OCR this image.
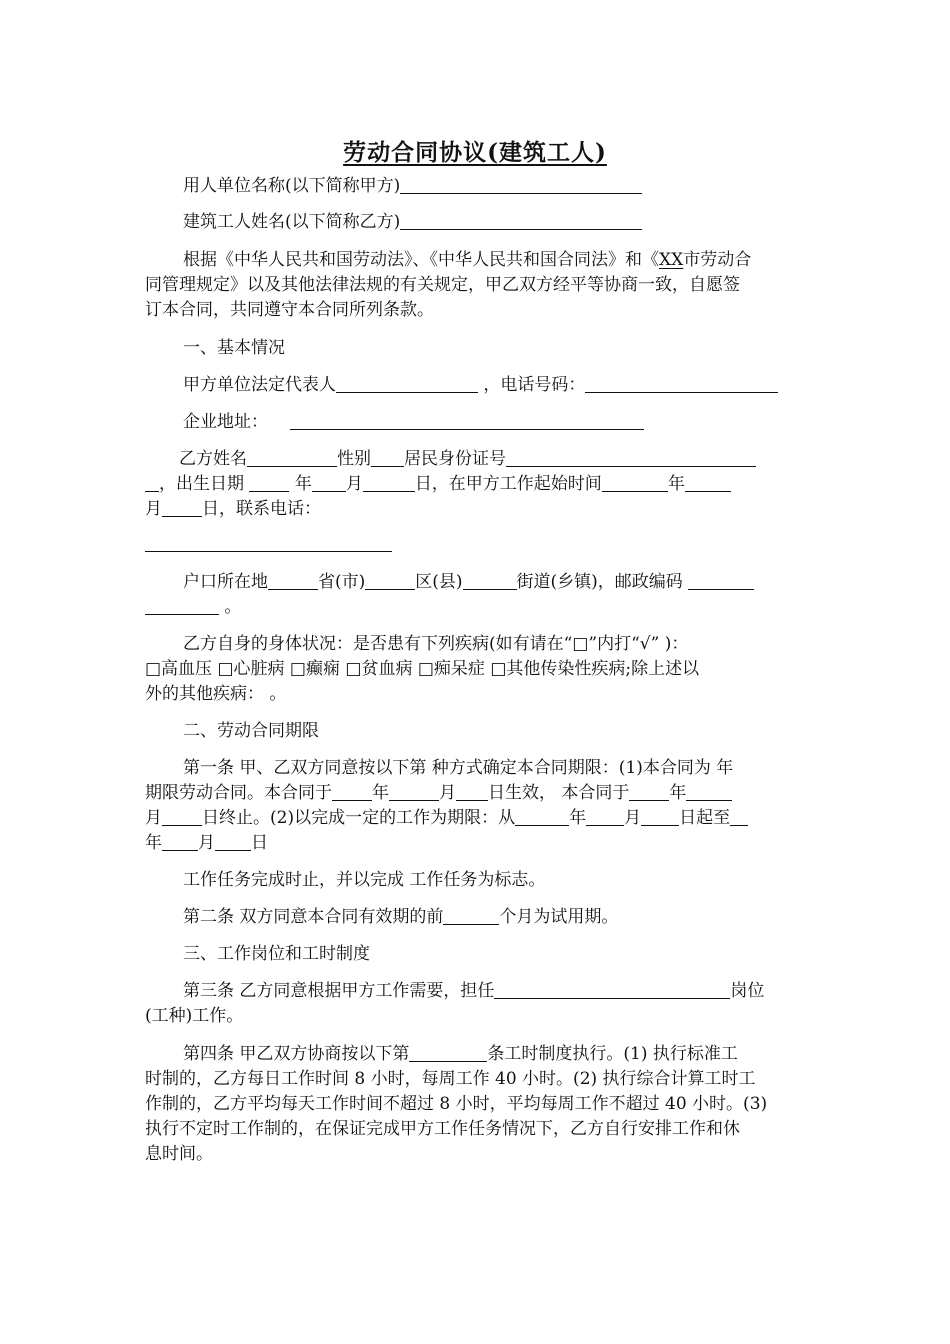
劳动合同协议(建筑工人)
用人单位名称(以下简称甲方)
建筑工人姓名(以下简称乙方)
根据《中华人民共和国劳动法》、《中华人民共和国合同法》和《XX市劳动合
同管理规定》以及其他法律法规的有关规定，甲乙双方经平等协商一致，自愿签
订本合同，共同遵守本合同所列条款。
一、基本情况
甲方单位法定代表人	，电话号码：
企业地址：
乙方姓名	性别 居民身份证号
，出生日期	年 月	日，在甲方工作起始时间	年
月 日，联系电话：
户口所在地	省(市)	区(县)	街道(乡镇)，邮政编码
。
乙方自身的身体状况：是否患有下列疾病(如有请在“□”内打“√” )：
□高血压 □心脏病 □癫痫 □贫血病 □痴呆症 □其他传染性疾病;除上述以
外的其他疾病： 。
二、劳动合同期限
第一条 甲、乙双方同意按以下第 种方式确定本合同期限：(1)本合同为 年
期限劳动合同。本合同于 年	月 日生效， 本合同于 年
月 日终止。(2)以完成一定的工作为期限：从	年 月 日起至
年 月 日
工作任务完成时止，并以完成 工作任务为标志。
第二条 双方同意本合同有效期的前	个月为试用期。
三、工作岗位和工时制度
第三条 乙方同意根据甲方工作需要，担任	岗位
(工种)工作。
第四条 甲乙双方协商按以下第	条工时制度执行。(1) 执行标准工
时制的，乙方每日工作时间 8 小时，每周工作 40 小时。(2) 执行综合计算工时工
作制的，乙方平均每天工作时间不超过 8 小时，平均每周工作不超过 40 小时。(3)
执行不定时工作制的，在保证完成甲方工作任务情况下，乙方自行安排工作和休
息时间。
